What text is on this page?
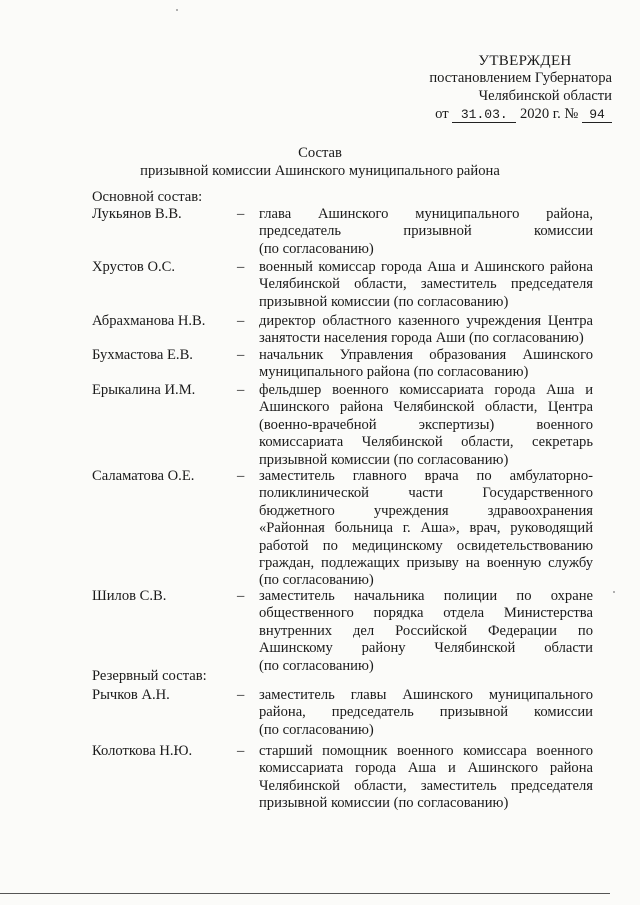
УТВЕРЖДЕН
постановлением Губернатора
Челябинской области
от 31.03. 2020 г. № 94
Состав
призывной комиссии Ашинского муниципального района
Основной состав:
Лукьянов В.В.	– глава Ашинского муниципального района,
председатель призывной комиссии
(по согласованию)
Хрустов О.С.	– военный комиссар города Аша и Ашинского района
Челябинской области, заместитель председателя
призывной комиссии (по согласованию)
Абрахманова Н.В. – директор областного казенного учреждения Центра
занятости населения города Аши (по согласованию)
Бухмастова Е.В.	– начальник Управления образования Ашинского
муниципального района (по согласованию)
Ерыкалина И.М.	– фельдшер военного комиссариата города Аша и
Ашинского района Челябинской области, Центра
(военно-врачебной экспертизы) военного
комиссариата Челябинской области, секретарь
призывной комиссии (по согласованию)
Саламатова О.Е.	– заместитель главного врача по амбулаторно-
поликлинической части Государственного
бюджетного учреждения здравоохранения
«Районная больница г. Аша», врач, руководящий
работой по медицинскому освидетельствованию
граждан, подлежащих призыву на военную службу
(по согласованию)
Шилов С.В.	– заместитель начальника полиции по охране
общественного порядка отдела Министерства
внутренних дел Российской Федерации по
Ашинскому району Челябинской области
(по согласованию)
Резервный состав:
Рычков А.Н.	– заместитель главы Ашинского муниципального
района, председатель призывной комиссии
(по согласованию)
Колоткова Н.Ю.	– старший помощник военного комиссара военного
комиссариата города Аша и Ашинского района
Челябинской области, заместитель председателя
призывной комиссии (по согласованию)
